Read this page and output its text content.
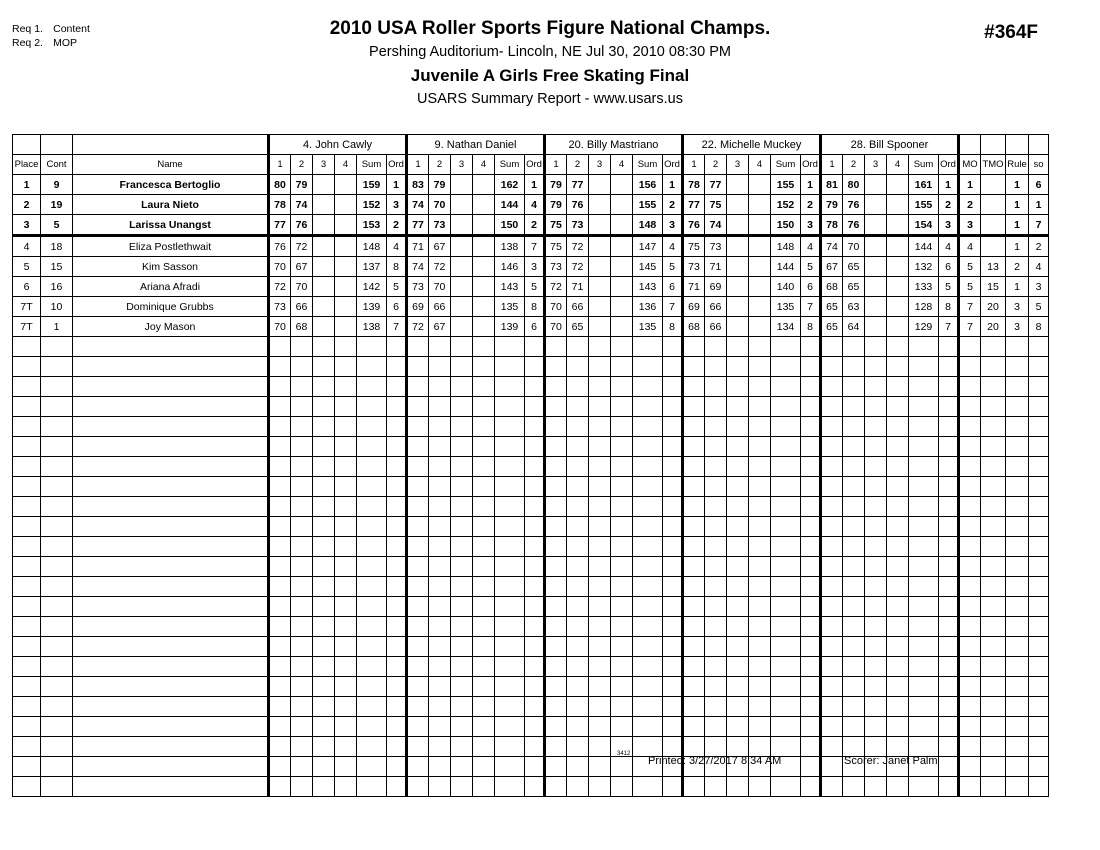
Req 1. Content
Req 2. MOP
2010 USA Roller Sports Figure National Champs.
Pershing Auditorium- Lincoln, NE Jul 30, 2010 08:30 PM
Juvenile A Girls Free Skating Final
USARS Summary Report - www.usars.us
#364F
			4. John Cawly						9. Nathan Daniel						20. Billy Mastriano						22. Michelle Muckey						28. Bill Spooner									
Place	Cont	Name	1	2	3	4	Sum	Ord	1	2	3	4	Sum	Ord	1	2	3	4	Sum	Ord	1	2	3	4	Sum	Ord	1	2	3	4	Sum	Ord	MO	TMO	Rule	so
1	9	Francesca Bertoglio	80	79			159	1	83	79			162	1	79	77			156	1	78	77			155	1	81	80			161	1	1		1	6
2	19	Laura Nieto	78	74			152	3	74	70			144	4	79	76			155	2	77	75			152	2	79	76			155	2	2		1	1
3	5	Larissa Unangst	77	76			153	2	77	73			150	2	75	73			148	3	76	74			150	3	78	76			154	3	3		1	7
4	18	Eliza Postlethwait	76	72			148	4	71	67			138	7	75	72			147	4	75	73			148	4	74	70			144	4	4		1	2
5	15	Kim Sasson	70	67			137	8	74	72			146	3	73	72			145	5	73	71			144	5	67	65			132	6	5	13	2	4
6	16	Ariana Afradi	72	70			142	5	73	70			143	5	72	71			143	6	71	69			140	6	68	65			133	5	5	15	1	3
7T	10	Dominique Grubbs	73	66			139	6	69	66			135	8	70	66			136	7	69	66			135	7	65	63			128	8	7	20	3	5
7T	1	Joy Mason	70	68			138	7	72	67			139	6	70	65			135	8	68	66			134	8	65	64			129	7	7	20	3	8

3412
Printed: 3/27/2017 8:34 AM	Scorer: Janet Palm
